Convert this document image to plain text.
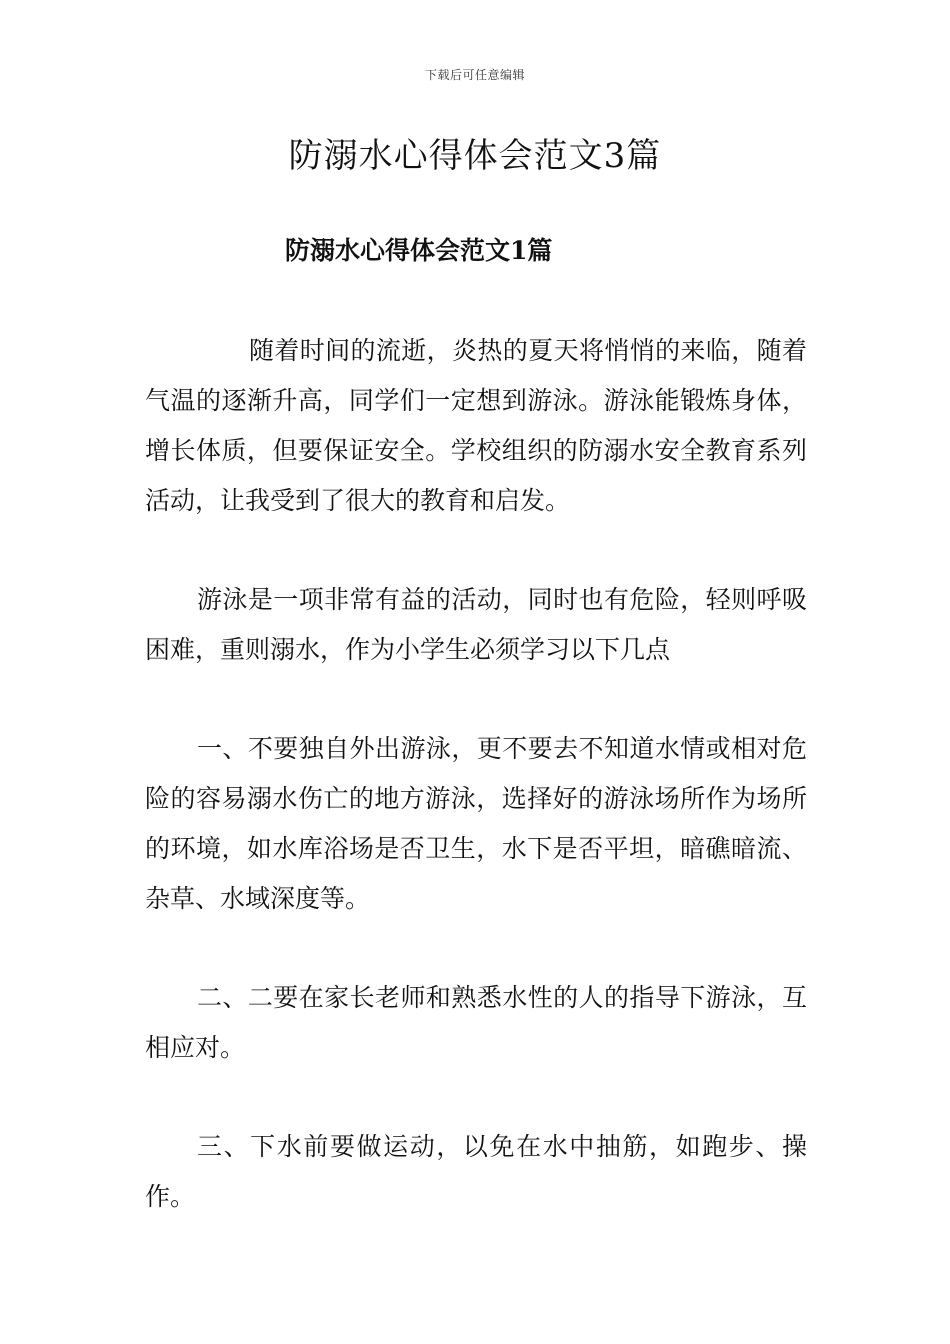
下载后可任意编辑
防溺水心得体会范文3篇
防溺水心得体会范文1篇

随着时间的流逝，炎热的夏天将悄悄的来临，随着气温的逐渐升高，同学们一定想到游泳。游泳能锻炼身体，增长体质，但要保证安全。学校组织的防溺水安全教育系列活动，让我受到了很大的教育和启发。

游泳是一项非常有益的活动，同时也有危险，轻则呼吸困难，重则溺水，作为小学生必须学习以下几点

一、不要独自外出游泳，更不要去不知道水情或相对危险的容易溺水伤亡的地方游泳，选择好的游泳场所作为场所的环境，如水库浴场是否卫生，水下是否平坦，暗礁暗流、杂草、水域深度等。

二、二要在家长老师和熟悉水性的人的指导下游泳，互相应对。

三、下水前要做运动，以免在水中抽筋，如跑步、操作。
